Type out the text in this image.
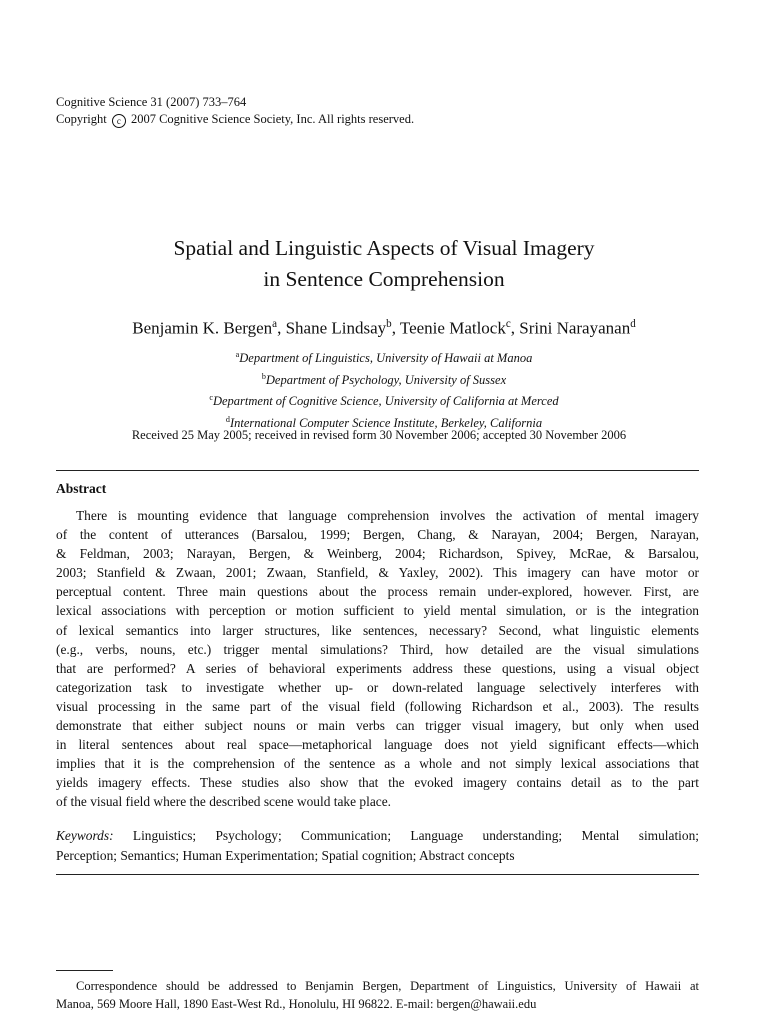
Cognitive Science 31 (2007) 733–764
Copyright c 2007 Cognitive Science Society, Inc. All rights reserved.
Spatial and Linguistic Aspects of Visual Imagery
in Sentence Comprehension
Benjamin K. Bergen$^a$, Shane Lindsay$^b$, Teenie Matlock$^c$, Srini Narayanan$^d$
$^a$Department of Linguistics, University of Hawaii at Manoa
$^b$Department of Psychology, University of Sussex
$^c$Department of Cognitive Science, University of California at Merced
$^d$International Computer Science Institute, Berkeley, California
Received 25 May 2005; received in revised form 30 November 2006; accepted 30 November 2006
Abstract
There is mounting evidence that language comprehension involves the activation of mental imagery
of the content of utterances (Barsalou, 1999; Bergen, Chang, & Narayan, 2004; Bergen, Narayan,
& Feldman, 2003; Narayan, Bergen, & Weinberg, 2004; Richardson, Spivey, McRae, & Barsalou,
2003; Stanfield & Zwaan, 2001; Zwaan, Stanfield, & Yaxley, 2002). This imagery can have motor or
perceptual content. Three main questions about the process remain under-explored, however. First, are
lexical associations with perception or motion sufficient to yield mental simulation, or is the integration
of lexical semantics into larger structures, like sentences, necessary? Second, what linguistic elements
(e.g., verbs, nouns, etc.) trigger mental simulations? Third, how detailed are the visual simulations
that are performed? A series of behavioral experiments address these questions, using a visual object
categorization task to investigate whether up- or down-related language selectively interferes with
visual processing in the same part of the visual field (following Richardson et al., 2003). The results
demonstrate that either subject nouns or main verbs can trigger visual imagery, but only when used
in literal sentences about real space—metaphorical language does not yield significant effects—which
implies that it is the comprehension of the sentence as a whole and not simply lexical associations that
yields imagery effects. These studies also show that the evoked imagery contains detail as to the part
of the visual field where the described scene would take place.
Keywords: Linguistics; Psychology; Communication; Language understanding; Mental simulation;
Perception; Semantics; Human Experimentation; Spatial cognition; Abstract concepts
Correspondence should be addressed to Benjamin Bergen, Department of Linguistics, University of Hawaii at
Manoa, 569 Moore Hall, 1890 East-West Rd., Honolulu, HI 96822. E-mail: bergen@hawaii.edu
